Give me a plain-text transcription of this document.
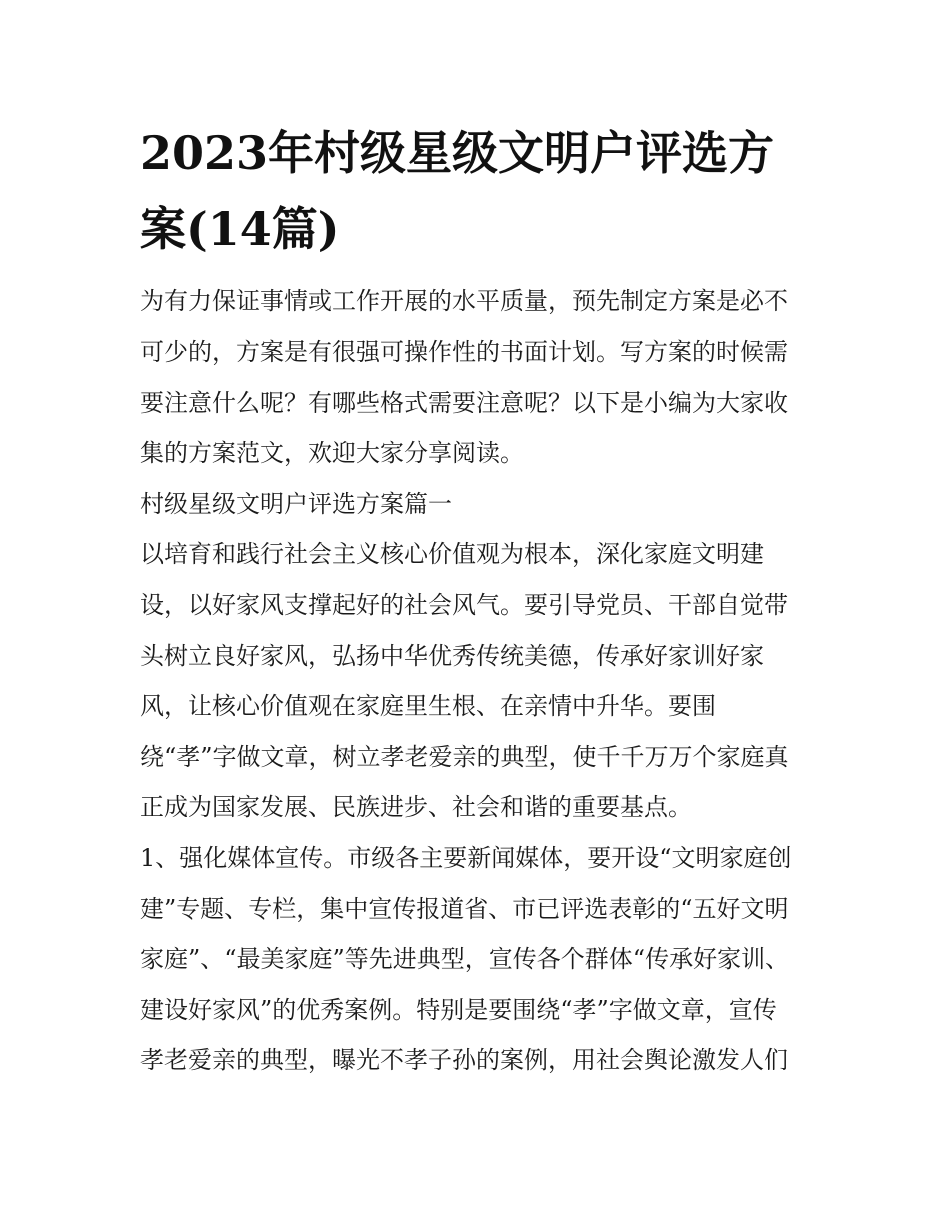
2023年村级星级文明户评选方
案(14篇)

为有力保证事情或工作开展的水平质量，预先制定方案是必不

可少的，方案是有很强可操作性的书面计划。写方案的时候需

要注意什么呢？有哪些格式需要注意呢？以下是小编为大家收

集的方案范文，欢迎大家分享阅读。

村级星级文明户评选方案篇一

以培育和践行社会主义核心价值观为根本，深化家庭文明建

设，以好家风支撑起好的社会风气。要引导党员、干部自觉带

头树立良好家风，弘扬中华优秀传统美德，传承好家训好家

风，让核心价值观在家庭里生根、在亲情中升华。要围

绕“孝”字做文章，树立孝老爱亲的典型，使千千万万个家庭真

正成为国家发展、民族进步、社会和谐的重要基点。

1、强化媒体宣传。市级各主要新闻媒体，要开设“文明家庭创

建”专题、专栏，集中宣传报道省、市已评选表彰的“五好文明

家庭”、“最美家庭”等先进典型，宣传各个群体“传承好家训、

建设好家风”的优秀案例。特别是要围绕“孝”字做文章，宣传

孝老爱亲的典型，曝光不孝子孙的案例，用社会舆论激发人们
